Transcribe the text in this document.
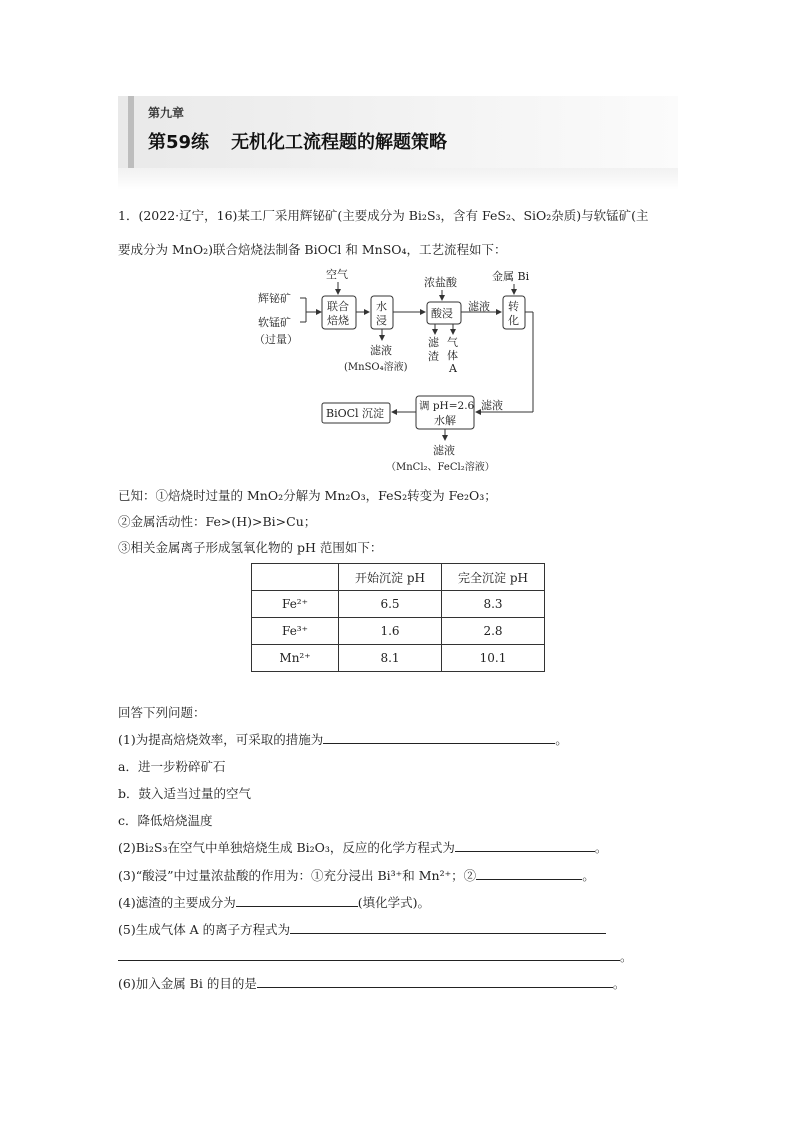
第九章
第59练 无机化工流程题的解题策略
1．(2022·辽宁，16)某工厂采用辉铋矿(主要成分为 Bi₂S₃，含有 FeS₂、SiO₂杂质)与软锰矿(主
要成分为 MnO₂)联合焙烧法制备 BiOCl 和 MnSO₄，工艺流程如下：
辉铋矿
软锰矿
（过量）
空气
联合
焙烧
水
浸
滤液
(MnSO₄溶液)
浓盐酸
酸浸
滤
渣
气
体
A
滤液
金属 Bi
转
化
滤液
调 pH=2.6
水解
BiOCl 沉淀
滤液
（MnCl₂、FeCl₂溶液）
已知：①焙烧时过量的 MnO₂分解为 Mn₂O₃，FeS₂转变为 Fe₂O₃；
②金属活动性：Fe>(H)>Bi>Cu；
③相关金属离子形成氢氧化物的 pH 范围如下：
	开始沉淀 pH	完全沉淀 pH
Fe²⁺	6.5	8.3
Fe³⁺	1.6	2.8
Mn²⁺	8.1	10.1
回答下列问题：
(1)为提高焙烧效率，可采取的措施为	。
a．进一步粉碎矿石
b．鼓入适当过量的空气
c．降低焙烧温度
(2)Bi₂S₃在空气中单独焙烧生成 Bi₂O₃，反应的化学方程式为	。
(3)“酸浸”中过量浓盐酸的作用为：①充分浸出 Bi³⁺和 Mn²⁺；②	。
(4)滤渣的主要成分为	(填化学式)。
(5)生成气体 A 的离子方程式为
。
(6)加入金属 Bi 的目的是	。
